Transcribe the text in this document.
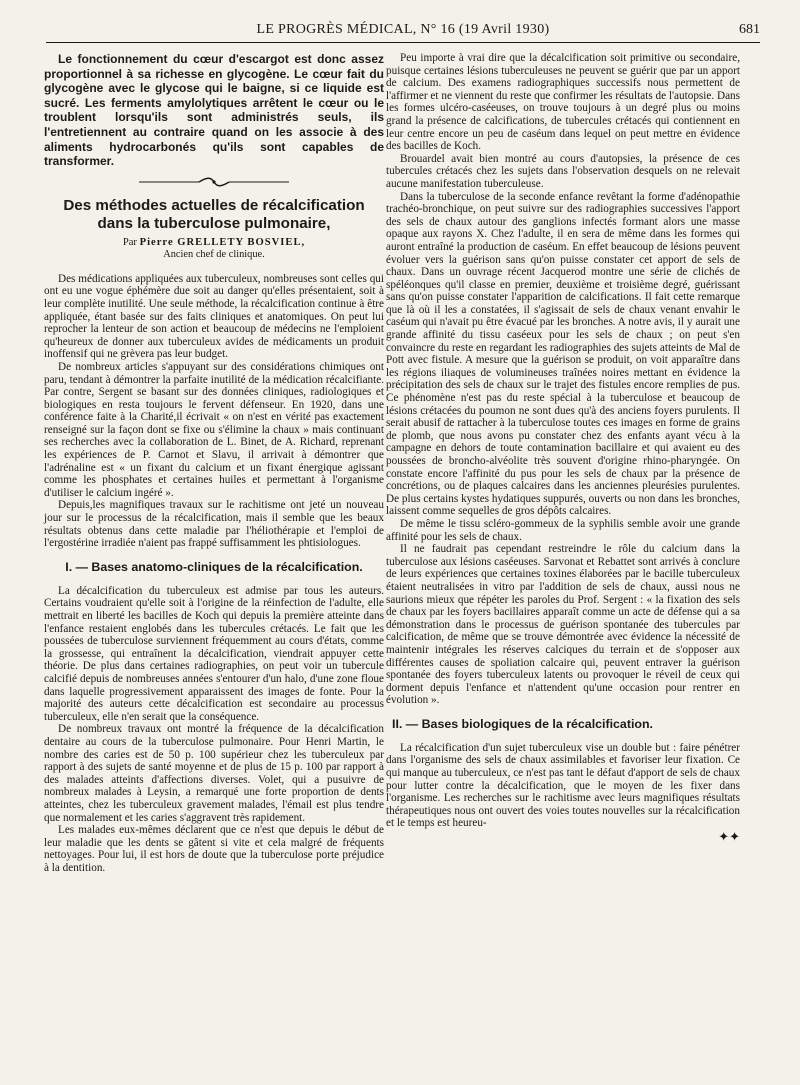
LE PROGRÈS MÉDICAL, N° 16 (19 Avril 1930)	681

Le fonctionnement du cœur d'escargot est donc assez proportionnel à sa richesse en glycogène. Le cœur fait du glycogène avec le glycose qui le baigne, si ce liquide est sucré. Les ferments amylolytiques arrêtent le cœur ou le troublent lorsqu'ils sont administrés seuls, ils l'entretiennent au contraire quand on les associe à des aliments hydrocarbonés qu'ils sont capables de transformer.

Des méthodes actuelles de récalcification dans la tuberculose pulmonaire,
Par Pierre GRELLETY BOSVIEL,
Ancien chef de clinique.

Des médications appliquées aux tuberculeux, nombreuses sont celles qui ont eu une vogue éphémère due soit au danger qu'elles présentaient, soit à leur complète inutilité. Une seule méthode, la récalcification continue à être appliquée, étant basée sur des faits cliniques et anatomiques. On peut lui reprocher la lenteur de son action et beaucoup de médecins ne l'emploient qu'heureux de donner aux tuberculeux avides de médicaments un produit inoffensif qui ne grèvera pas leur budget.

De nombreux articles s'appuyant sur des considérations chimiques ont paru, tendant à démontrer la parfaite inutilité de la médication récalcifiante. Par contre, Sergent se basant sur des données cliniques, radiologiques et biologiques en resta toujours le fervent défenseur. En 1920, dans une conférence faite à la Charité,il écrivait « on n'est en vérité pas exactement renseigné sur la façon dont se fixe ou s'élimine la chaux » mais continuant ses recherches avec la collaboration de L. Binet, de A. Richard, reprenant les expériences de P. Carnot et Slavu, il arrivait à démontrer que l'adrénaline est « un fixant du calcium et un fixant énergique agissant comme les phosphates et certaines huiles et permettant à l'organisme d'utiliser le calcium ingéré ».

Depuis,les magnifiques travaux sur le rachitisme ont jeté un nouveau jour sur le processus de la récalcification, mais il semble que les beaux résultats obtenus dans cette maladie par l'héliothérapie et l'emploi de l'ergostérine irradiée n'aient pas frappé suffisamment les phtisiologues.

I. — Bases anatomo-cliniques de la récalcification.

La décalcification du tuberculeux est admise par tous les auteurs. Certains voudraient qu'elle soit à l'origine de la réinfection de l'adulte, elle mettrait en liberté les bacilles de Koch qui depuis la première atteinte dans l'enfance restaient englobés dans les tubercules crétacés. Le fait que les poussées de tuberculose surviennent fréquemment au cours d'états, comme la grossesse, qui entraînent la décalcification, viendrait appuyer cette théorie. De plus dans certaines radiographies, on peut voir un tubercule calcifié depuis de nombreuses années s'entourer d'un halo, d'une zone floue dans laquelle progressivement apparaissent des images de fonte. Pour la majorité des auteurs cette décalcification est secondaire au processus tuberculeux, elle n'en serait que la conséquence.

De nombreux travaux ont montré la fréquence de la décalcification dentaire au cours de la tuberculose pulmonaire. Pour Henri Martin, le nombre des caries est de 50 p. 100 supérieur chez les tuberculeux par rapport à des sujets de santé moyenne et de plus de 15 p. 100 par rapport à des malades atteints d'affections diverses. Volet, qui a pusuivre de nombreux malades à Leysin, a remarqué une forte proportion de dents atteintes, chez les tuberculeux gravement malades, l'émail est plus tendre que normalement et les caries s'aggravent très rapidement.

Les malades eux-mêmes déclarent que ce n'est que depuis le début de leur maladie que les dents se gâtent si vite et cela malgré de fréquents nettoyages. Pour lui, il est hors de doute que la tuberculose porte préjudice à la dentition.

Peu importe à vrai dire que la décalcification soit primitive ou secondaire, puisque certaines lésions tuberculeuses ne peuvent se guérir que par un apport de calcium. Des examens radiographiques successifs nous permettent de l'affirmer et ne viennent du reste que confirmer les résultats de l'autopsie. Dans les formes ulcéro-caséeuses, on trouve toujours à un degré plus ou moins grand la présence de calcifications, de tubercules crétacés qui contiennent en leur centre encore un peu de caséum dans lequel on peut mettre en évidence des bacilles de Koch.

Brouardel avait bien montré au cours d'autopsies, la présence de ces tubercules crétacés chez les sujets dans l'observation desquels on ne relevait aucune manifestation tuberculeuse.

Dans la tuberculose de la seconde enfance revêtant la forme d'adénopathie trachéo-bronchique, on peut suivre sur des radiographies successives l'apport des sels de chaux autour des ganglions infectés formant alors une masse opaque aux rayons X. Chez l'adulte, il en sera de même dans les formes qui auront entraîné la production de caséum. En effet beaucoup de lésions peuvent évoluer vers la guérison sans qu'on puisse constater cet apport de sels de chaux. Dans un ouvrage récent Jacquerod montre une série de clichés de spéléonques qu'il classe en premier, deuxième et troisième degré, guérissant sans qu'on puisse constater l'apparition de calcifications. Il fait cette remarque que là où il les a constatées, il s'agissait de sels de chaux venant envahir le caséum qui n'avait pu être évacué par les bronches. A notre avis, il y aurait une grande affinité du tissu caséeux pour les sels de chaux ; on peut s'en convaincre du reste en regardant les radiographies des sujets atteints de Mal de Pott avec fistule. A mesure que la guérison se produit, on voit apparaître dans les régions iliaques de volumineuses traînées noires mettant en évidence la précipitation des sels de chaux sur le trajet des fistules encore remplies de pus. Ce phénomène n'est pas du reste spécial à la tuberculose et beaucoup de lésions crétacées du poumon ne sont dues qu'à des anciens foyers purulents. Il serait abusif de rattacher à la tuberculose toutes ces images en forme de grains de plomb, que nous avons pu constater chez des enfants ayant vécu à la campagne en dehors de toute contamination bacillaire et qui avaient eu des poussées de broncho-alvéolite très souvent d'origine rhino-pharyngée. On constate encore l'affinité du pus pour les sels de chaux par la présence de concrétions, ou de plaques calcaires dans les anciennes pleurésies purulentes. De plus certains kystes hydatiques suppurés, ouverts ou non dans les bronches, laissent comme sequelles de gros dépôts calcaires.

De même le tissu scléro-gommeux de la syphilis semble avoir une grande affinité pour les sels de chaux.

Il ne faudrait pas cependant restreindre le rôle du calcium dans la tuberculose aux lésions caséeuses. Sarvonat et Rebattet sont arrivés à conclure de leurs expériences que certaines toxines élaborées par le bacille tuberculeux étaient neutralisées in vitro par l'addition de sels de chaux, aussi nous ne saurions mieux que répéter les paroles du Prof. Sergent : « la fixation des sels de chaux par les foyers bacillaires apparaît comme un acte de défense qui a sa démonstration dans le processus de guérison spontanée des tubercules par calcification, de même que se trouve démontrée avec évidence la nécessité de maintenir intégrales les réserves calciques du terrain et de s'opposer aux différentes causes de spoliation calcaire qui, peuvent entraver la guérison spontanée des foyers tuberculeux latents ou provoquer le réveil de ceux qui dorment depuis l'enfance et n'attendent qu'une occasion pour rentrer en évolution ».

II. — Bases biologiques de la récalcification.

La récalcification d'un sujet tuberculeux vise un double but : faire pénétrer dans l'organisme des sels de chaux assimilables et favoriser leur fixation. Ce qui manque au tuberculeux, ce n'est pas tant le défaut d'apport de sels de chaux pour lutter contre la décalcification, que le moyen de les fixer dans l'organisme. Les recherches sur le rachitisme avec leurs magnifiques résultats thérapeutiques nous ont ouvert des voies toutes nouvelles sur la récalcification et le temps est heureu-

✦✦
